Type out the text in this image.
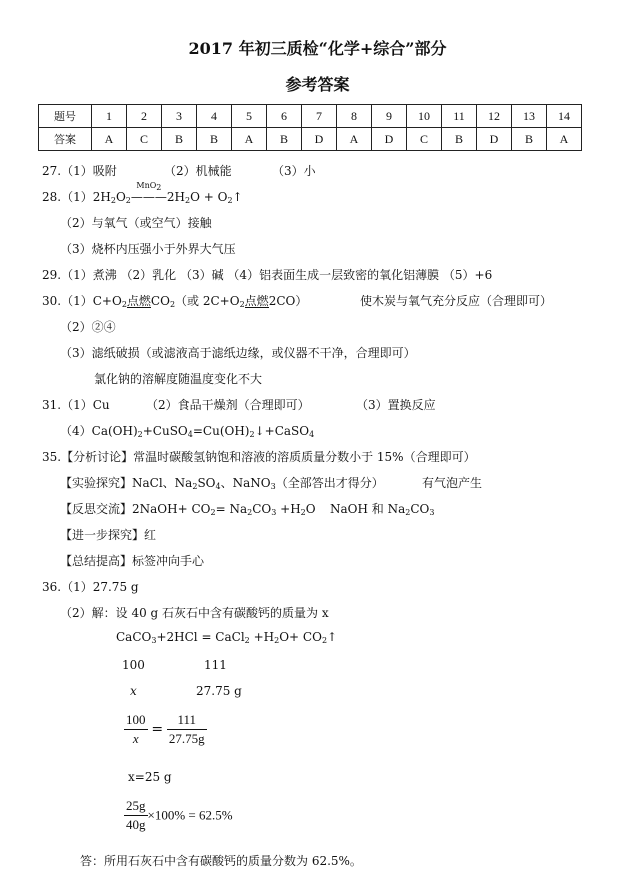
2017 年初三质检“化学+综合”部分
参考答案
题号	1	2	3	4	5	6	7	8	9	10	11	12	13	14
答案	A	C	B	B	A	B	D	A	D	C	B	D	B	A
27.（1）吸附	（2）机械能	（3）小
$28.(1)2H_2O_2$
MnO$_2$
$———2H_2O$ + $O_2↑$
（2）与氧气（或空气）接触
（3）烧杯内压强小于外界大气压
29.（1）煮沸 （2）乳化 （3）碱 （4）铝表面生成一层致密的氧化铝薄膜 （5）+6
$30.(1)C+O_2$点燃$CO_2$（或 $2C+O_2$点燃2CO）	使木炭与氧气充分反应（合理即可）
（2）②④
（3）滤纸破损（或滤液高于滤纸边缘，或仪器不干净，合理即可）
氯化钠的溶解度随温度变化不大
31.（1）Cu	（2）食品干燥剂（合理即可）	（3）置换反应
$(4)Ca(OH)_2+CuSO_4=Cu(OH)_2↓+CaSO_4$
35.【分析讨论】常温时碳酸氢钠饱和溶液的溶质质量分数小于 15%（合理即可）
【实验探究】NaCl、$Na_2SO_4$、NaNO$_3$（全部答出才得分）	有气泡产生
【反思交流】2NaOH+ $CO_2= Na_2CO_3 +H_2O$ NaOH 和 $Na_2CO_3$
【进一步探究】红
【总结提高】标签冲向手心
36.（1）27.75 g
（2）解：设 40 g 石灰石中含有碳酸钙的质量为 x
CaCO$_3$+2HCl = CaCl$_2$ $+H_2O+$ $CO_2↑$
100	111
x	27.75 g
$\frac{100}{x} = \frac{111}{27.75g}$
x=25 g
$\frac{25g}{40g} \times 100\% = 62.5\%$
答：所用石灰石中含有碳酸钙的质量分数为 62.5%。
